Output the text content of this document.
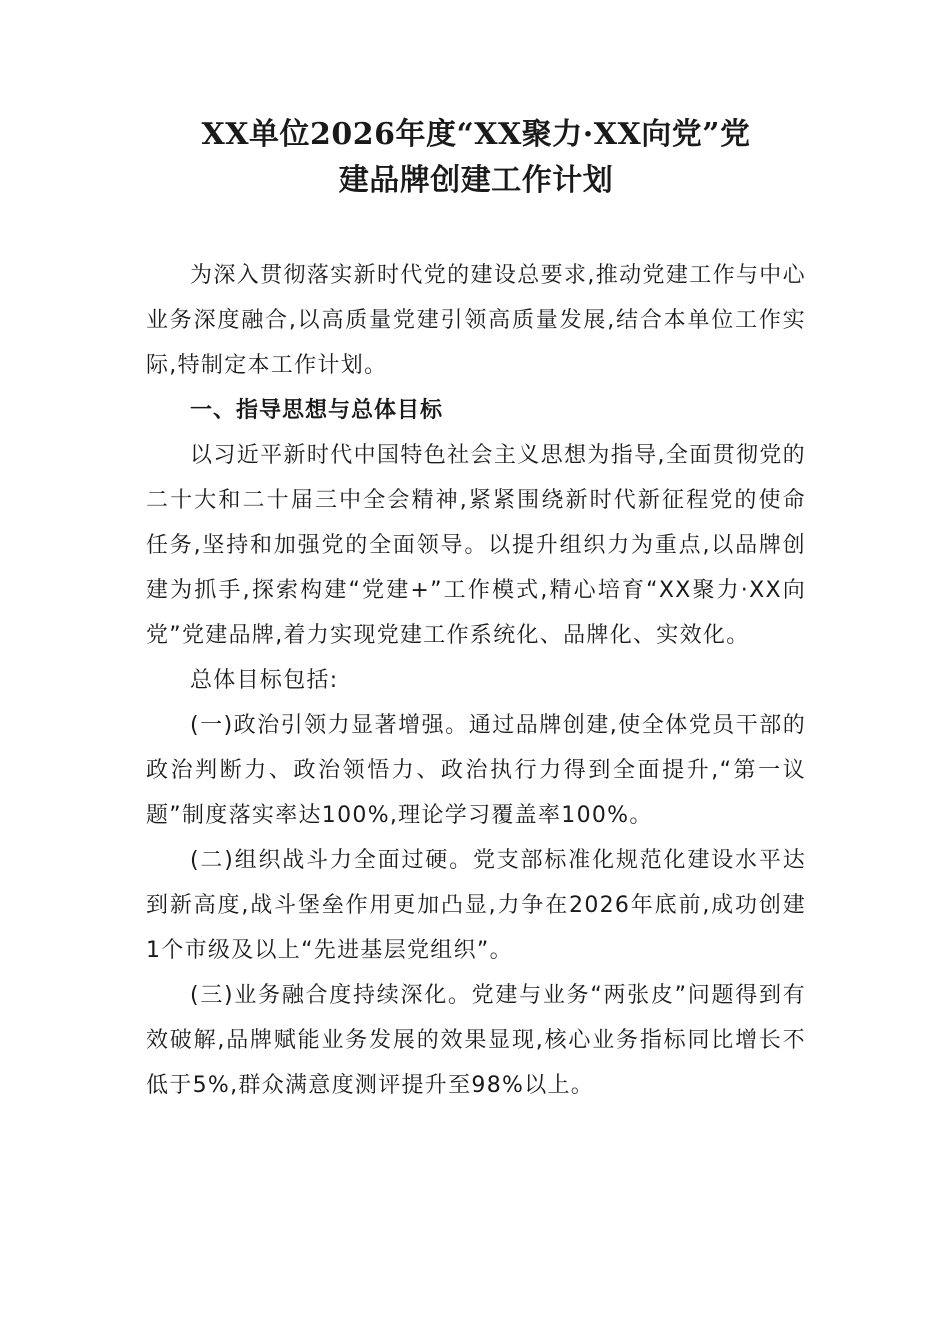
XX单位2026年度“XX聚力·XX向党”党
建品牌创建工作计划

为深入贯彻落实新时代党的建设总要求,推动党建工作与中心业务深度融合,以高质量党建引领高质量发展,结合本单位工作实际,特制定本工作计划。

一、指导思想与总体目标

以习近平新时代中国特色社会主义思想为指导,全面贯彻党的二十大和二十届三中全会精神,紧紧围绕新时代新征程党的使命任务,坚持和加强党的全面领导。以提升组织力为重点,以品牌创建为抓手,探索构建“党建+”工作模式,精心培育“XX聚力·XX向党”党建品牌,着力实现党建工作系统化、品牌化、实效化。

总体目标包括:

(一)政治引领力显著增强。通过品牌创建,使全体党员干部的政治判断力、政治领悟力、政治执行力得到全面提升,“第一议题”制度落实率达100%,理论学习覆盖率100%。

(二)组织战斗力全面过硬。党支部标准化规范化建设水平达到新高度,战斗堡垒作用更加凸显,力争在2026年底前,成功创建1个市级及以上“先进基层党组织”。

(三)业务融合度持续深化。党建与业务“两张皮”问题得到有效破解,品牌赋能业务发展的效果显现,核心业务指标同比增长不低于5%,群众满意度测评提升至98%以上。
